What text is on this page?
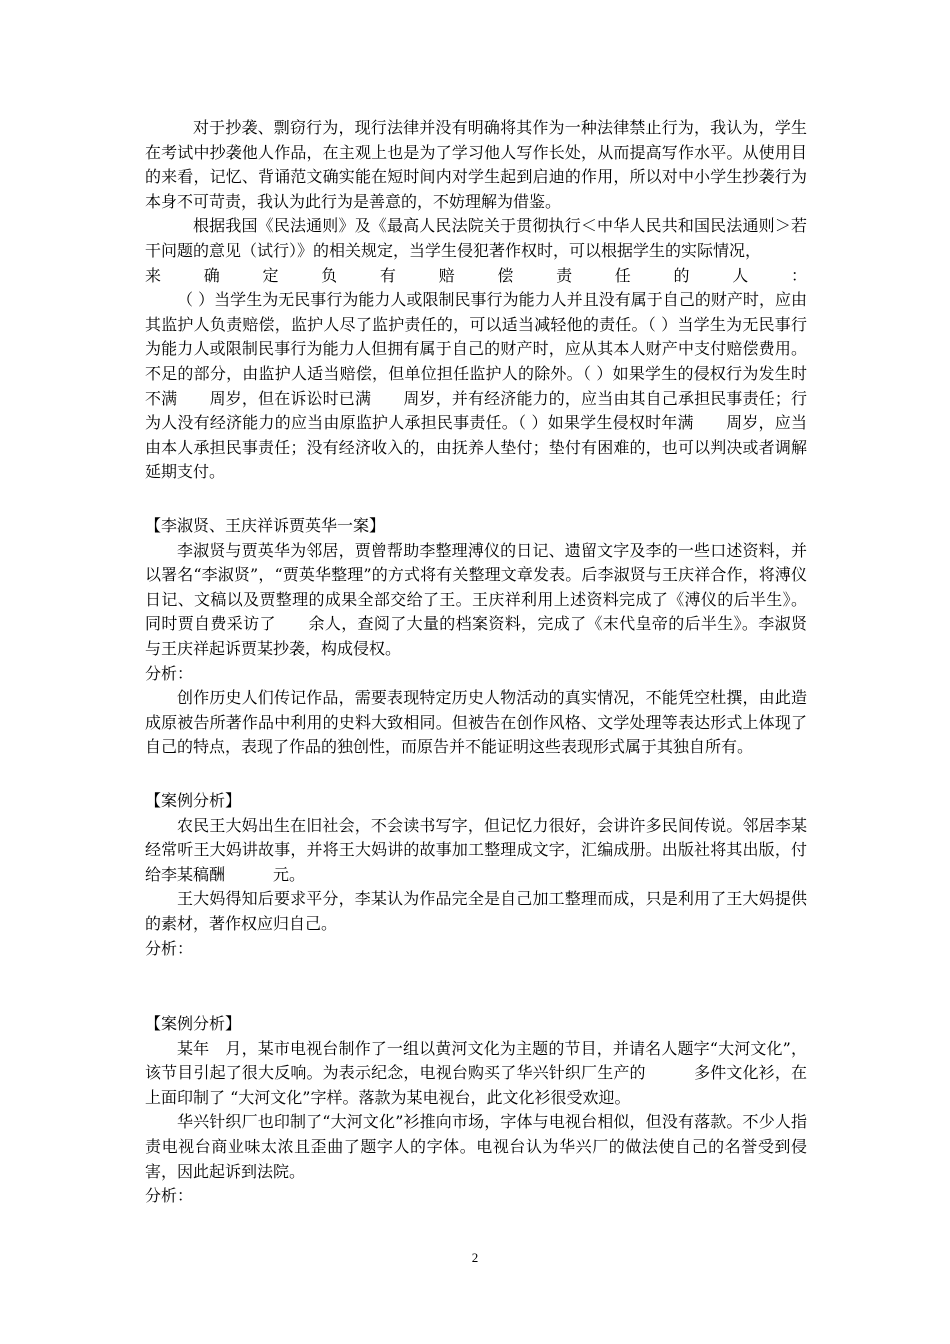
对于抄袭、剽窃行为，现行法律并没有明确将其作为一种法律禁止行为，我认为，学生在考试中抄袭他人作品，在主观上也是为了学习他人写作长处，从而提高写作水平。从使用目的来看，记忆、背诵范文确实能在短时间内对学生起到启迪的作用，所以对中小学生抄袭行为本身不可苛责，我认为此行为是善意的，不妨理解为借鉴。

根据我国《民法通则》及《最高人民法院关于贯彻执行＜中华人民共和国民法通则＞若干问题的意见（试行）》的相关规定，当学生侵犯著作权时，可以根据学生的实际情况，

来确定负有赔偿责任的人：

（ ）当学生为无民事行为能力人或限制民事行为能力人并且没有属于自己的财产时，应由其监护人负责赔偿，监护人尽了监护责任的，可以适当减轻他的责任。（ ）当学生为无民事行为能力人或限制民事行为能力人但拥有属于自己的财产时，应从其本人财产中支付赔偿费用。不足的部分，由监护人适当赔偿，但单位担任监护人的除外。（ ）如果学生的侵权行为发生时不满　　周岁，但在诉讼时已满　　周岁，并有经济能力的，应当由其自己承担民事责任；行为人没有经济能力的应当由原监护人承担民事责任。（ ）如果学生侵权时年满　　周岁，应当由本人承担民事责任；没有经济收入的，由抚养人垫付；垫付有困难的，也可以判决或者调解延期支付。

【李淑贤、王庆祥诉贾英华一案】

李淑贤与贾英华为邻居，贾曾帮助李整理溥仪的日记、遗留文字及李的一些口述资料，并以署名“李淑贤”，“贾英华整理”的方式将有关整理文章发表。后李淑贤与王庆祥合作，将溥仪日记、文稿以及贾整理的成果全部交给了王。王庆祥利用上述资料完成了《溥仪的后半生》。同时贾自费采访了　　余人，查阅了大量的档案资料，完成了《末代皇帝的后半生》。李淑贤与王庆祥起诉贾某抄袭，构成侵权。

分析：

创作历史人们传记作品，需要表现特定历史人物活动的真实情况，不能凭空杜撰，由此造成原被告所著作品中利用的史料大致相同。但被告在创作风格、文学处理等表达形式上体现了自己的特点，表现了作品的独创性，而原告并不能证明这些表现形式属于其独自所有。

【案例分析】

农民王大妈出生在旧社会，不会读书写字，但记忆力很好，会讲许多民间传说。邻居李某经常听王大妈讲故事，并将王大妈讲的故事加工整理成文字，汇编成册。出版社将其出版，付给李某稿酬　　　元。

王大妈得知后要求平分，李某认为作品完全是自己加工整理而成，只是利用了王大妈提供的素材，著作权应归自己。

分析：

【案例分析】

某年　月，某市电视台制作了一组以黄河文化为主题的节目，并请名人题字“大河文化”，该节目引起了很大反响。为表示纪念，电视台购买了华兴针织厂生产的　　　多件文化衫，在上面印制了 “大河文化”字样。落款为某电视台，此文化衫很受欢迎。

华兴针织厂也印制了“大河文化”衫推向市场，字体与电视台相似，但没有落款。不少人指责电视台商业味太浓且歪曲了题字人的字体。电视台认为华兴厂的做法使自己的名誉受到侵害，因此起诉到法院。

分析：

2
